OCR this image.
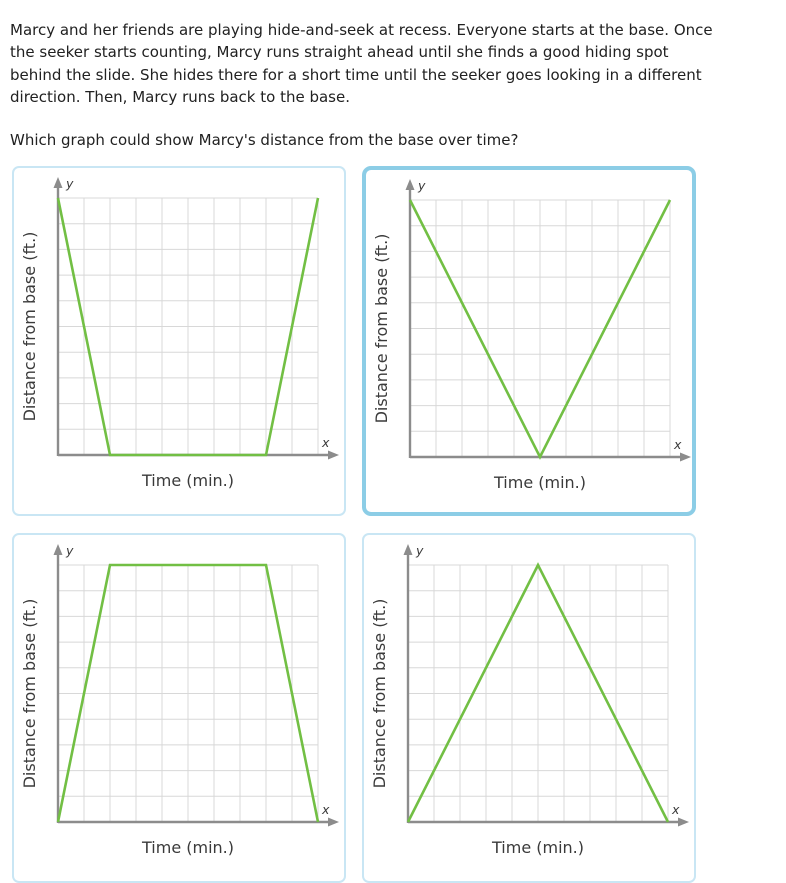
Marcy and her friends are playing hide-and-seek at recess. Everyone starts at the base. Once
the seeker starts counting, Marcy runs straight ahead until she finds a good hiding spot
behind the slide. She hides there for a short time until the seeker goes looking in a different
direction. Then, Marcy runs back to the base.
Which graph could show Marcy's distance from the base over time?
y
x
Distance from base (ft.)
Time (min.)
y
x
Distance from base (ft.)
Time (min.)
y
x
Distance from base (ft.)
Time (min.)
y
x
Distance from base (ft.)
Time (min.)
